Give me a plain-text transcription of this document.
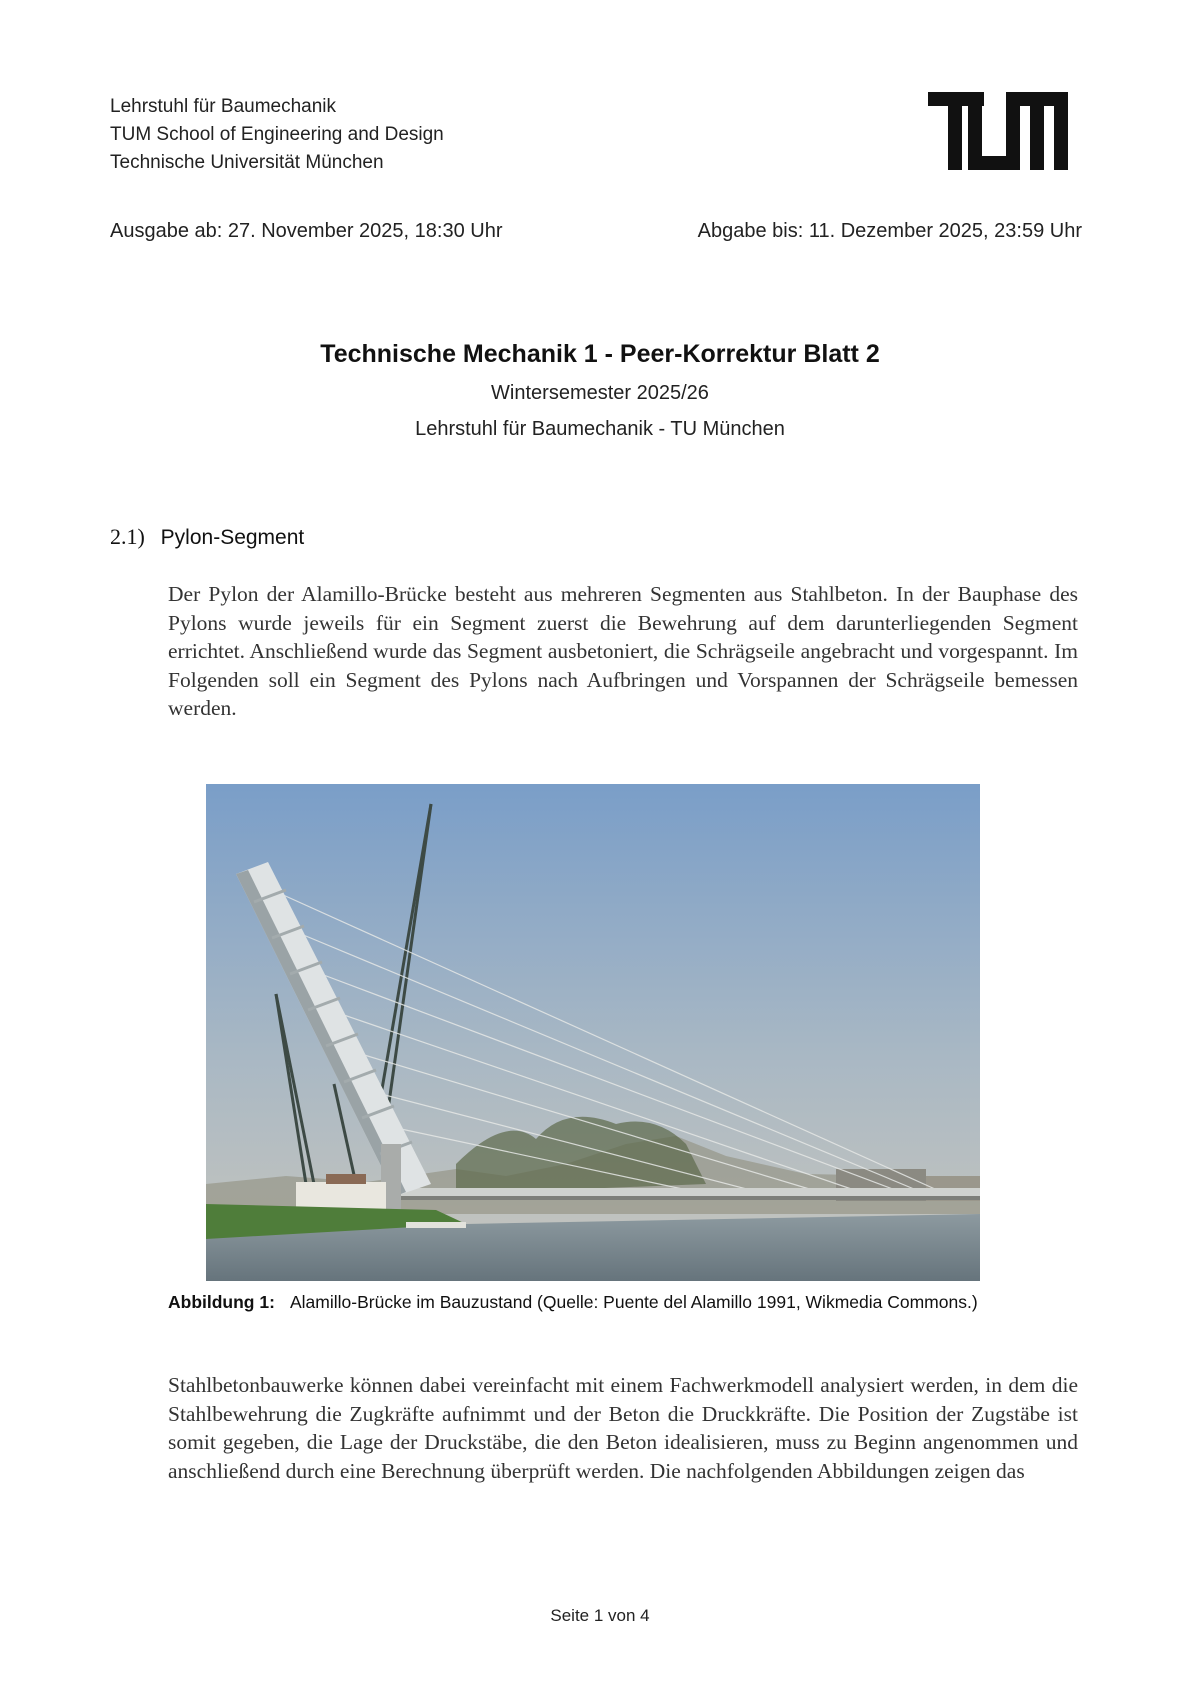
Lehrstuhl für Baumechanik
TUM School of Engineering and Design
Technische Universität München
Ausgabe ab: 27. November 2025, 18:30 Uhr	Abgabe bis: 11. Dezember 2025, 23:59 Uhr
Technische Mechanik 1 - Peer-Korrektur Blatt 2
Wintersemester 2025/26
Lehrstuhl für Baumechanik - TU München
2.1) Pylon-Segment
Der Pylon der Alamillo-Brücke besteht aus mehreren Segmenten aus Stahlbeton. In der Bauphase des Pylons wurde jeweils für ein Segment zuerst die Bewehrung auf dem darunterliegenden Segment errichtet. Anschließend wurde das Segment ausbetoniert, die Schrägseile angebracht und vorgespannt. Im Folgenden soll ein Segment des Pylons nach Aufbringen und Vorspannen der Schrägseile bemessen werden.
Abbildung 1: Alamillo-Brücke im Bauzustand (Quelle: Puente del Alamillo 1991, Wikmedia Commons.)
Stahlbetonbauwerke können dabei vereinfacht mit einem Fachwerkmodell analysiert werden, in dem die Stahlbewehrung die Zugkräfte aufnimmt und der Beton die Druckkräfte. Die Position der Zugstäbe ist somit gegeben, die Lage der Druckstäbe, die den Beton idealisieren, muss zu Beginn angenommen und anschließend durch eine Berechnung überprüft werden. Die nachfolgenden Abbildungen zeigen das
Seite 1 von 4
